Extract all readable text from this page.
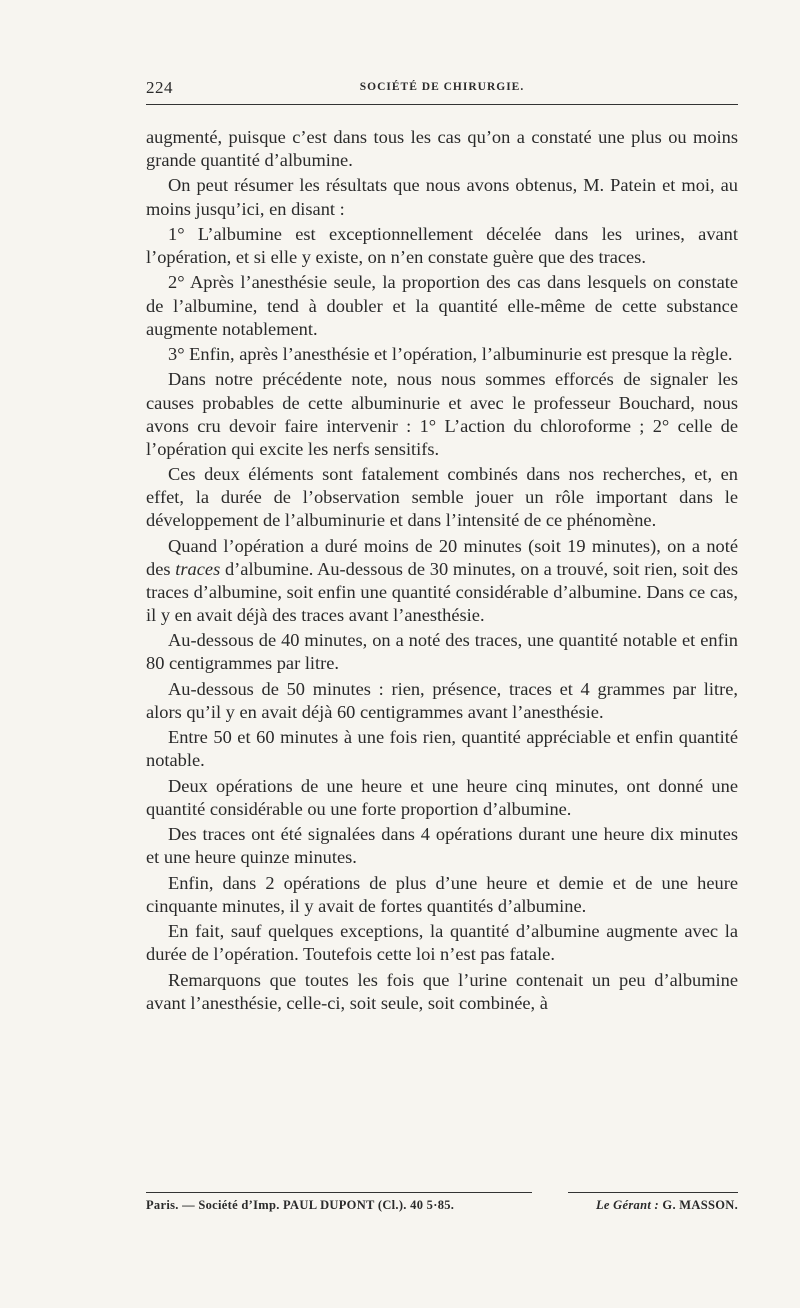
224	SOCIÉTÉ DE CHIRURGIE.

augmenté, puisque c’est dans tous les cas qu’on a constaté une plus ou moins grande quantité d’albumine.

On peut résumer les résultats que nous avons obtenus, M. Patein et moi, au moins jusqu’ici, en disant :

1° L’albumine est exceptionnellement décelée dans les urines, avant l’opération, et si elle y existe, on n’en constate guère que des traces.

2° Après l’anesthésie seule, la proportion des cas dans lesquels on constate de l’albumine, tend à doubler et la quantité elle-même de cette substance augmente notablement.

3° Enfin, après l’anesthésie et l’opération, l’albuminurie est presque la règle.

Dans notre précédente note, nous nous sommes efforcés de signaler les causes probables de cette albuminurie et avec le professeur Bouchard, nous avons cru devoir faire intervenir : 1° L’action du chloroforme ; 2° celle de l’opération qui excite les nerfs sensitifs.

Ces deux éléments sont fatalement combinés dans nos recherches, et, en effet, la durée de l’observation semble jouer un rôle important dans le développement de l’albuminurie et dans l’intensité de ce phénomène.

Quand l’opération a duré moins de 20 minutes (soit 19 minutes), on a noté des traces d’albumine. Au-dessous de 30 minutes, on a trouvé, soit rien, soit des traces d’albumine, soit enfin une quantité considérable d’albumine. Dans ce cas, il y en avait déjà des traces avant l’anesthésie.

Au-dessous de 40 minutes, on a noté des traces, une quantité notable et enfin 80 centigrammes par litre.

Au-dessous de 50 minutes : rien, présence, traces et 4 grammes par litre, alors qu’il y en avait déjà 60 centigrammes avant l’anesthésie.

Entre 50 et 60 minutes à une fois rien, quantité appréciable et enfin quantité notable.

Deux opérations de une heure et une heure cinq minutes, ont donné une quantité considérable ou une forte proportion d’albumine.

Des traces ont été signalées dans 4 opérations durant une heure dix minutes et une heure quinze minutes.

Enfin, dans 2 opérations de plus d’une heure et demie et de une heure cinquante minutes, il y avait de fortes quantités d’albumine.

En fait, sauf quelques exceptions, la quantité d’albumine augmente avec la durée de l’opération. Toutefois cette loi n’est pas fatale.

Remarquons que toutes les fois que l’urine contenait un peu d’albumine avant l’anesthésie, celle-ci, soit seule, soit combinée, à

Paris. — Société d’Imp. PAUL DUPONT (Cl.). 40 5·85.	Le Gérant : G. MASSON.
